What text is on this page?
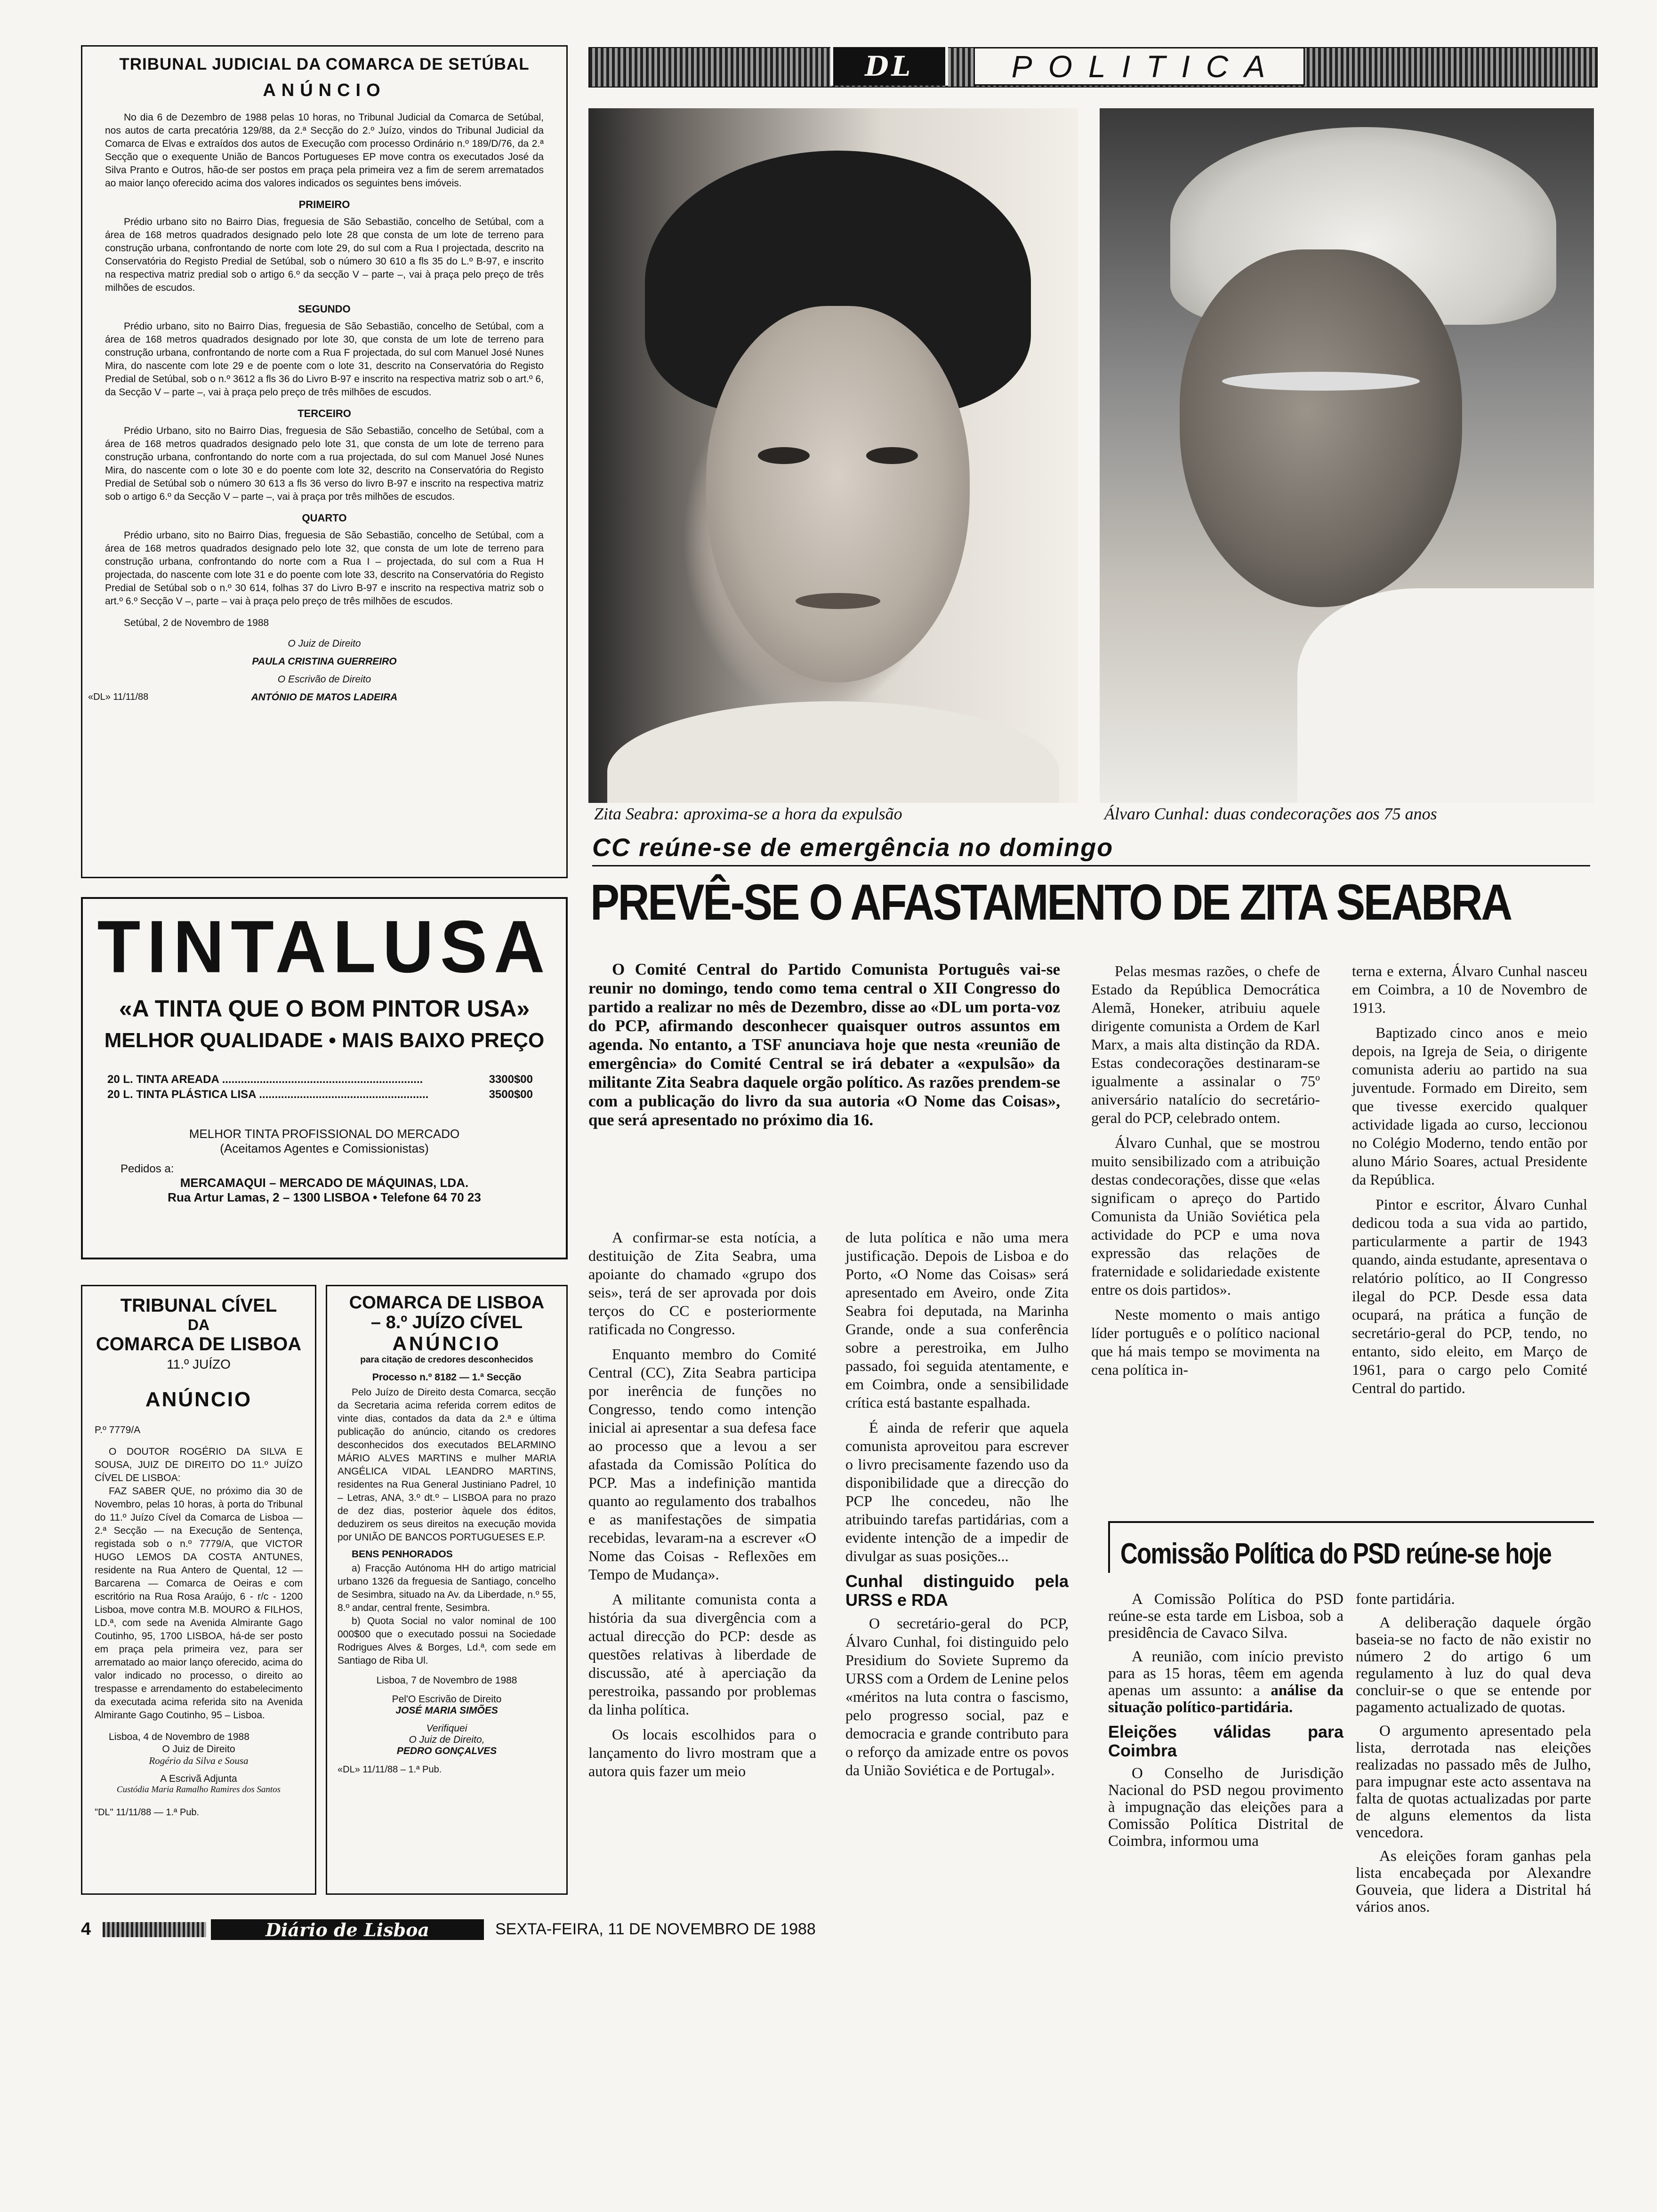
TRIBUNAL JUDICIAL DA COMARCA DE SETÚBAL
ANÚNCIO

No dia 6 de Dezembro de 1988 pelas 10 horas, no Tribunal Judicial da Comarca de Setúbal, nos autos de carta precatória 129/88, da 2.ª Secção do 2.º Juízo, vindos do Tribunal Judicial da Comarca de Elvas e extraídos dos autos de Execução com processo Ordinário n.º 189/D/76, da 2.ª Secção que o exequente União de Bancos Portugueses EP move contra os executados José da Silva Pranto e Outros, hão-de ser postos em praça pela primeira vez a fim de serem arrematados ao maior lanço oferecido acima dos valores indicados os seguintes bens imóveis.

PRIMEIRO

Prédio urbano sito no Bairro Dias, freguesia de São Sebastião, concelho de Setúbal, com a área de 168 metros quadrados designado pelo lote 28 que consta de um lote de terreno para construção urbana, confrontando de norte com lote 29, do sul com a Rua I projectada, descrito na Conservatória do Registo Predial de Setúbal, sob o número 30 610 a fls 35 do L.º B-97, e inscrito na respectiva matriz predial sob o artigo 6.º da secção V – parte –, vai à praça pelo preço de três milhões de escudos.

SEGUNDO

Prédio urbano, sito no Bairro Dias, freguesia de São Sebastião, concelho de Setúbal, com a área de 168 metros quadrados designado por lote 30, que consta de um lote de terreno para construção urbana, confrontando de norte com a Rua F projectada, do sul com Manuel José Nunes Mira, do nascente com lote 29 e de poente com o lote 31, descrito na Conservatória do Registo Predial de Setúbal, sob o n.º 3612 a fls 36 do Livro B-97 e inscrito na respectiva matriz sob o art.º 6, da Secção V – parte –, vai à praça pelo preço de três milhões de escudos.

TERCEIRO

Prédio Urbano, sito no Bairro Dias, freguesia de São Sebastião, concelho de Setúbal, com a área de 168 metros quadrados designado pelo lote 31, que consta de um lote de terreno para construção urbana, confrontando do norte com a rua projectada, do sul com Manuel José Nunes Mira, do nascente com o lote 30 e do poente com lote 32, descrito na Conservatória do Registo Predial de Setúbal sob o número 30 613 a fls 36 verso do livro B-97 e inscrito na respectiva matriz sob o artigo 6.º da Secção V – parte –, vai à praça por três milhões de escudos.

QUARTO

Prédio urbano, sito no Bairro Dias, freguesia de São Sebastião, concelho de Setúbal, com a área de 168 metros quadrados designado pelo lote 32, que consta de um lote de terreno para construção urbana, confrontando do norte com a Rua I – projectada, do sul com a Rua H projectada, do nascente com lote 31 e do poente com lote 33, descrito na Conservatória do Registo Predial de Setúbal sob o n.º 30 614, folhas 37 do Livro B-97 e inscrito na respectiva matriz sob o art.º 6.º Secção V –, parte – vai à praça pelo preço de três milhões de escudos.

Setúbal, 2 de Novembro de 1988

O Juiz de Direito
PAULA CRISTINA GUERREIRO
O Escrivão de Direito
«DL» 11/11/88	ANTÓNIO DE MATOS LADEIRA
TINTALUSA
«A TINTA QUE O BOM PINTOR USA»
MELHOR QUALIDADE • MAIS BAIXO PREÇO
20 L. TINTA AREADA ................................................................	3300$00
20 L. TINTA PLÁSTICA LISA ......................................................	3500$00
MELHOR TINTA PROFISSIONAL DO MERCADO
(Aceitamos Agentes e Comissionistas)
Pedidos a:
MERCAMAQUI – MERCADO DE MÁQUINAS, LDA.
Rua Artur Lamas, 2 – 1300 LISBOA • Telefone 64 70 23
TRIBUNAL CÍVEL
DA
COMARCA DE LISBOA
11.º JUÍZO
ANÚNCIO
P.º 7779/A

O DOUTOR ROGÉRIO DA SILVA E SOUSA, JUIZ DE DIREITO DO 11.º JUÍZO CÍVEL DE LISBOA:

FAZ SABER QUE, no próximo dia 30 de Novembro, pelas 10 horas, à porta do Tribunal do 11.º Juízo Cível da Comarca de Lisboa — 2.ª Secção — na Execução de Sentença, registada sob o n.º 7779/A, que VICTOR HUGO LEMOS DA COSTA ANTUNES, residente na Rua Antero de Quental, 12 — Barcarena — Comarca de Oeiras e com escritório na Rua Rosa Araújo, 6 - r/c - 1200 Lisboa, move contra M.B. MOURO & FILHOS, LD.ª, com sede na Avenida Almirante Gago Coutinho, 95, 1700 LISBOA, há-de ser posto em praça pela primeira vez, para ser arrematado ao maior lanço oferecido, acima do valor indicado no processo, o direito ao trespasse e arrendamento do estabelecimento da executada acima referida sito na Avenida Almirante Gago Coutinho, 95 – Lisboa.

Lisboa, 4 de Novembro de 1988

O Juiz de Direito
Rogério da Silva e Sousa
A Escrivã Adjunta
Custódia Maria Ramalho Ramires dos Santos
"DL" 11/11/88 — 1.ª Pub.
COMARCA DE LISBOA
– 8.º JUÍZO CÍVEL
ANÚNCIO
para citação de credores desconhecidos
Processo n.º 8182 — 1.ª Secção

Pelo Juízo de Direito desta Comarca, secção da Secretaria acima referida correm editos de vinte dias, contados da data da 2.ª e última publicação do anúncio, citando os credores desconhecidos dos executados BELARMINO MÁRIO ALVES MARTINS e mulher MARIA ANGÉLICA VIDAL LEANDRO MARTINS, residentes na Rua General Justiniano Padrel, 10 – Letras, ANA, 3.º dt.º – LISBOA para no prazo de dez dias, posterior àquele dos éditos, deduzirem os seus direitos na execução movida por UNIÃO DE BANCOS PORTUGUESES E.P.

BENS PENHORADOS

a) Fracção Autónoma HH do artigo matricial urbano 1326 da freguesia de Santiago, concelho de Sesimbra, situado na Av. da Liberdade, n.º 55, 8.º andar, central frente, Sesimbra.

b) Quota Social no valor nominal de 100 000$00 que o executado possui na Sociedade Rodrigues Alves & Borges, Ld.ª, com sede em Santiago de Riba Ul.

Lisboa, 7 de Novembro de 1988
Pel'O Escrivão de Direito
JOSÉ MARIA SIMÕES
Verifiquei
O Juiz de Direito,
PEDRO GONÇALVES
«DL» 11/11/88 – 1.ª Pub.
DL	POLITICA
Zita Seabra: aproxima-se a hora da expulsão	Álvaro Cunhal: duas condecorações aos 75 anos
CC reúne-se de emergência no domingo
PREVÊ-SE O AFASTAMENTO DE ZITA SEABRA

O Comité Central do Partido Comunista Português vai-se reunir no domingo, tendo como tema central o XII Congresso do partido a realizar no mês de Dezembro, disse ao «DL um porta-voz do PCP, afirmando desconhecer quaisquer outros assuntos em agenda. No entanto, a TSF anunciava hoje que nesta «reunião de emergência» do Comité Central se irá debater a «expulsão» da militante Zita Seabra daquele orgão político. As razões prendem-se com a publicação do livro da sua autoria «O Nome das Coisas», que será apresentado no próximo dia 16.

A confirmar-se esta notícia, a destituição de Zita Seabra, uma apoiante do chamado «grupo dos seis», terá de ser aprovada por dois terços do CC e posteriormente ratificada no Congresso.

Enquanto membro do Comité Central (CC), Zita Seabra participa por inerência de funções no Congresso, tendo como intenção inicial ai apresentar a sua defesa face ao processo que a levou a ser afastada da Comissão Política do PCP. Mas a indefinição mantida quanto ao regulamento dos trabalhos e as manifestações de simpatia recebidas, levaram-na a escrever «O Nome das Coisas - Reflexões em Tempo de Mudança».

A militante comunista conta a história da sua divergência com a actual direcção do PCP: desde as questões relativas à liberdade de discussão, até à aperciação da perestroika, passando por problemas da linha política.

Os locais escolhidos para o lançamento do livro mostram que a autora quis fazer um meio

de luta política e não uma mera justificação. Depois de Lisboa e do Porto, «O Nome das Coisas» será apresentado em Aveiro, onde Zita Seabra foi deputada, na Marinha Grande, onde a sua conferência sobre a perestroika, em Julho passado, foi seguida atentamente, e em Coimbra, onde a sensibilidade crítica está bastante espalhada.

É ainda de referir que aquela comunista aproveitou para escrever o livro precisamente fazendo uso da disponibilidade que a direcção do PCP lhe concedeu, não lhe atribuindo tarefas partidárias, com a evidente intenção de a impedir de divulgar as suas posições...

Cunhal distinguido pela URSS e RDA

O secretário-geral do PCP, Álvaro Cunhal, foi distinguido pelo Presidium do Soviete Supremo da URSS com a Ordem de Lenine pelos «méritos na luta contra o fascismo, pelo progresso social, paz e democracia e grande contributo para o reforço da amizade entre os povos da União Soviética e de Portugal».

Pelas mesmas razões, o chefe de Estado da República Democrática Alemã, Honeker, atribuiu aquele dirigente comunista a Ordem de Karl Marx, a mais alta distinção da RDA. Estas condecorações destinaram-se igualmente a assinalar o 75º aniversário natalício do secretário-geral do PCP, celebrado ontem.

Álvaro Cunhal, que se mostrou muito sensibilizado com a atribuição destas condecorações, disse que «elas significam o apreço do Partido Comunista da União Soviética pela actividade do PCP e uma nova expressão das relações de fraternidade e solidariedade existente entre os dois partidos».

Neste momento o mais antigo líder português e o político nacional que há mais tempo se movimenta na cena política in-

terna e externa, Álvaro Cunhal nasceu em Coimbra, a 10 de Novembro de 1913.

Baptizado cinco anos e meio depois, na Igreja de Seia, o dirigente comunista aderiu ao partido na sua juventude. Formado em Direito, sem que tivesse exercido qualquer actividade ligada ao curso, leccionou no Colégio Moderno, tendo então por aluno Mário Soares, actual Presidente da República.

Pintor e escritor, Álvaro Cunhal dedicou toda a sua vida ao partido, particularmente a partir de 1943 quando, ainda estudante, apresentava o relatório político, ao II Congresso ilegal do PCP. Desde essa data ocupará, na prática a função de secretário-geral do PCP, tendo, no entanto, sido eleito, em Março de 1961, para o cargo pelo Comité Central do partido.

Comissão Política do PSD reúne-se hoje

A Comissão Política do PSD reúne-se esta tarde em Lisboa, sob a presidência de Cavaco Silva.

A reunião, com início previsto para as 15 horas, têem em agenda apenas um assunto: a análise da situação político-partidária.

Eleições válidas para Coimbra

O Conselho de Jurisdição Nacional do PSD negou provimento à impugnação das eleições para a Comissão Política Distrital de Coimbra, informou uma

fonte partidária.

A deliberação daquele órgão baseia-se no facto de não existir no número 2 do artigo 6 um regulamento à luz do qual deva concluir-se o que se entende por pagamento actualizado de quotas.

O argumento apresentado pela lista, derrotada nas eleições realizadas no passado mês de Julho, para impugnar este acto assentava na falta de quotas actualizadas por parte de alguns elementos da lista vencedora.

As eleições foram ganhas pela lista encabeçada por Alexandre Gouveia, que lidera a Distrital há vários anos.

4	Diário de Lisboa	SEXTA-FEIRA, 11 DE NOVEMBRO DE 1988
